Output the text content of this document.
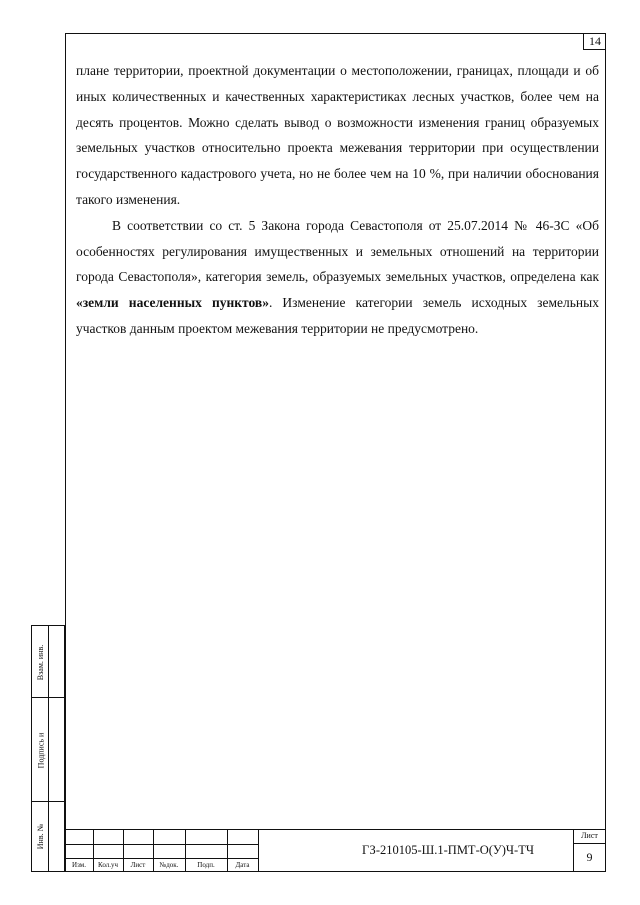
14

плане территории, проектной документации о местоположении, границах, площади и об иных количественных и качественных характеристиках лесных участков, более чем на десять процентов. Можно сделать вывод о возможности изменения границ образуемых земельных участков относительно проекта межевания территории при осуществлении государственного кадастрового учета, но не более чем на 10 %, при наличии обоснования такого изменения.

В соответствии со ст. 5 Закона города Севастополя от 25.07.2014 № 46-ЗС «Об особенностях регулирования имущественных и земельных отношений на территории города Севастополя», категория земель, образуемых земельных участков, определена как «земли населенных пунктов». Изменение категории земель исходных земельных участков данным проектом межевания территории не предусмотрено.

Взам. инв.
Подпись и
Инв. №
Изм.	Кол.уч	Лист	№док.	Подп.	Дата
ГЗ-210105-Ш.1-ПМТ-О(У)Ч-ТЧ
Лист
9
